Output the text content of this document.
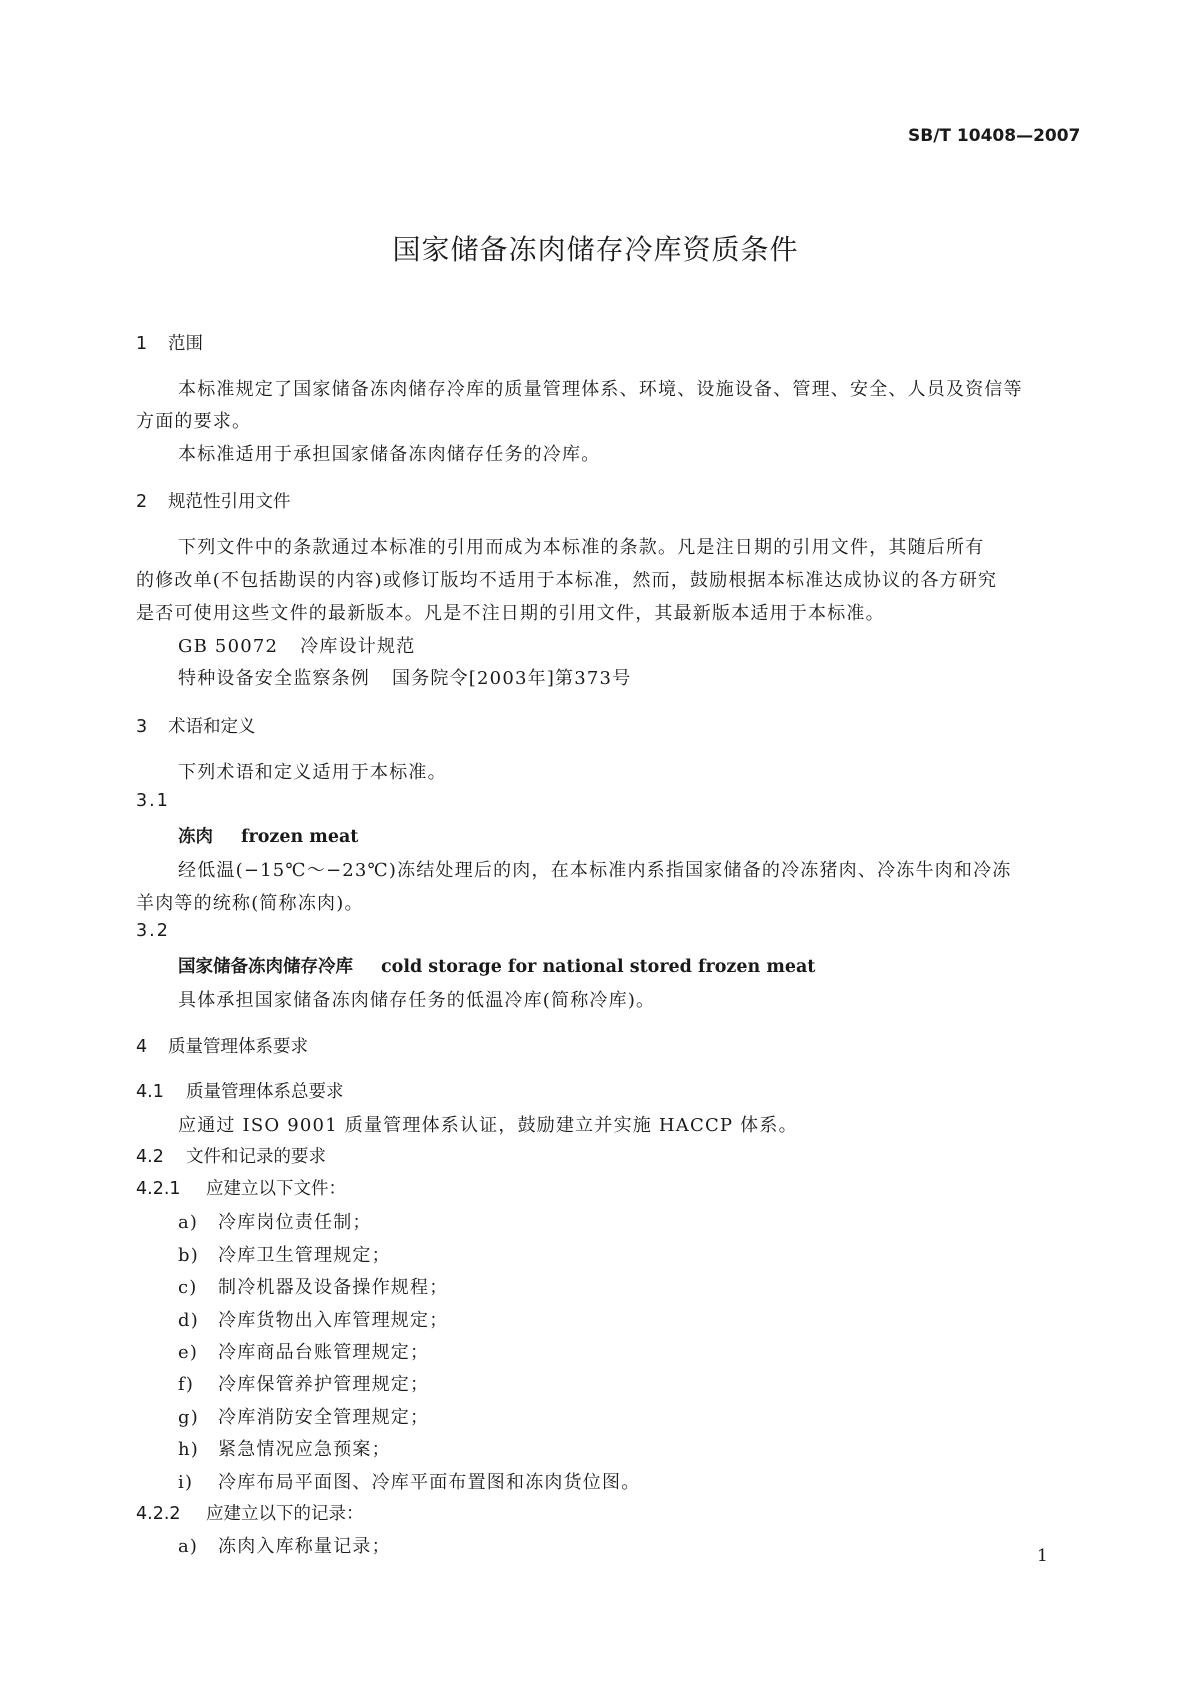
SB/T 10408—2007
国家储备冻肉储存冷库资质条件
1 范围
本标准规定了国家储备冻肉储存冷库的质量管理体系、环境、设施设备、管理、安全、人员及资信等
方面的要求。
本标准适用于承担国家储备冻肉储存任务的冷库。
2 规范性引用文件
下列文件中的条款通过本标准的引用而成为本标准的条款。凡是注日期的引用文件，其随后所有
的修改单(不包括勘误的内容)或修订版均不适用于本标准，然而，鼓励根据本标准达成协议的各方研究
是否可使用这些文件的最新版本。凡是不注日期的引用文件，其最新版本适用于本标准。
GB 50072 冷库设计规范
特种设备安全监察条例 国务院令[2003年]第373号
3 术语和定义
下列术语和定义适用于本标准。
3.1
冻肉 frozen meat
经低温(−15℃～−23℃)冻结处理后的肉，在本标准内系指国家储备的冷冻猪肉、冷冻牛肉和冷冻
羊肉等的统称(简称冻肉)。
3.2
国家储备冻肉储存冷库 cold storage for national stored frozen meat
具体承担国家储备冻肉储存任务的低温冷库(简称冷库)。
4 质量管理体系要求
4.1 质量管理体系总要求
应通过 ISO 9001 质量管理体系认证，鼓励建立并实施 HACCP 体系。
4.2 文件和记录的要求
4.2.1 应建立以下文件：
a) 冷库岗位责任制；
b) 冷库卫生管理规定；
c) 制冷机器及设备操作规程；
d) 冷库货物出入库管理规定；
e) 冷库商品台账管理规定；
f) 冷库保管养护管理规定；
g) 冷库消防安全管理规定；
h) 紧急情况应急预案；
i) 冷库布局平面图、冷库平面布置图和冻肉货位图。
4.2.2 应建立以下的记录：
a) 冻肉入库称量记录；	1
